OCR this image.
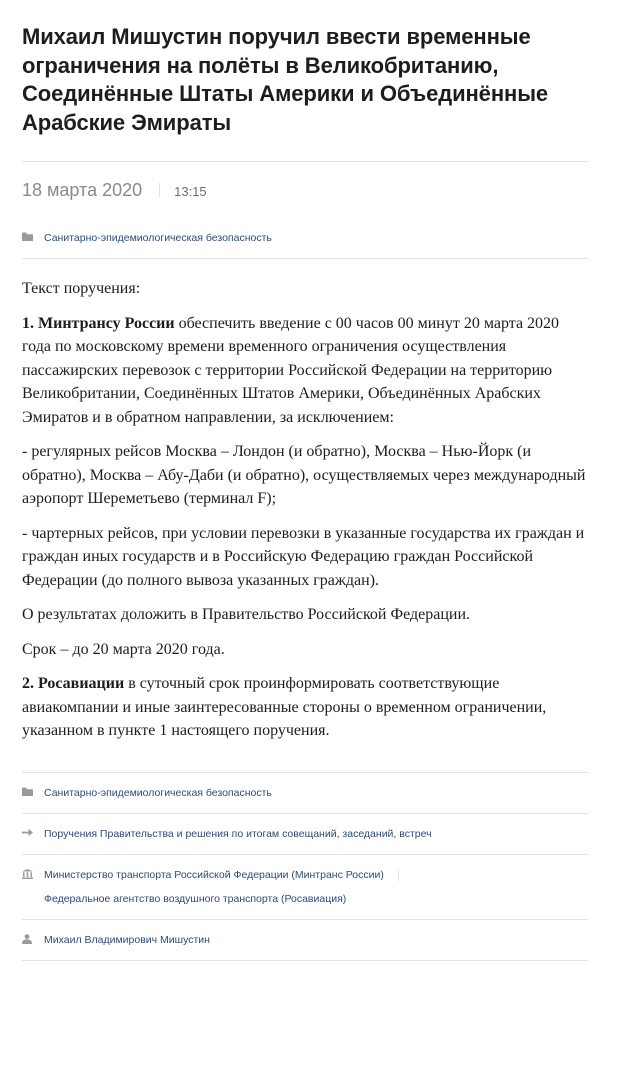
Михаил Мишустин поручил ввести временные ограничения на полёты в Великобританию, Соединённые Штаты Америки и Объединённые Арабские Эмираты
18 марта 2020 13:15
Санитарно-эпидемиологическая безопасность

Текст поручения:

1. Минтрансу России обеспечить введение с 00 часов 00 минут 20 марта 2020 года по московскому времени временного ограничения осуществления пассажирских перевозок с территории Российской Федерации на территорию Великобритании, Соединённых Штатов Америки, Объединённых Арабских Эмиратов и в обратном направлении, за исключением:

- регулярных рейсов Москва – Лондон (и обратно), Москва – Нью-Йорк (и обратно), Москва – Абу-Даби (и обратно), осуществляемых через международный аэропорт Шереметьево (терминал F);

- чартерных рейсов, при условии перевозки в указанные государства их граждан и граждан иных государств и в Российскую Федерацию граждан Российской Федерации (до полного вывоза указанных граждан).

О результатах доложить в Правительство Российской Федерации.

Срок – до 20 марта 2020 года.

2. Росавиации в суточный срок проинформировать соответствующие авиакомпании и иные заинтересованные стороны о временном ограничении, указанном в пункте 1 настоящего поручения.

Санитарно-эпидемиологическая безопасность
Поручения Правительства и решения по итогам совещаний, заседаний, встреч
Министерство транспорта Российской Федерации (Минтранс России)
Федеральное агентство воздушного транспорта (Росавиация)
Михаил Владимирович Мишустин
